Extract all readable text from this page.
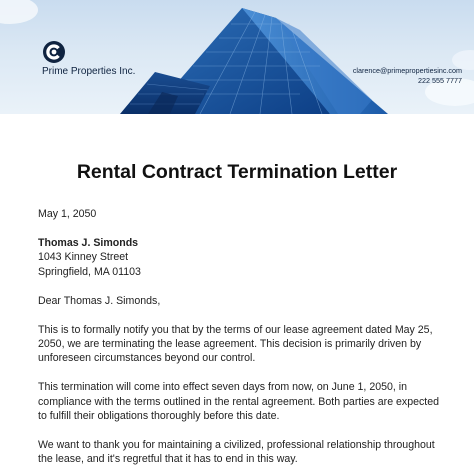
Prime Properties Inc.	clarence@primepropertiesinc.com
222 555 7777
Rental Contract Termination Letter

May 1, 2050

Thomas J. Simonds

1043 Kinney Street

Springfield, MA 01103

Dear Thomas J. Simonds,

This is to formally notify you that by the terms of our lease agreement dated May 25,

2050, we are terminating the lease agreement. This decision is primarily driven by

unforeseen circumstances beyond our control.

This termination will come into effect seven days from now, on June 1, 2050, in

compliance with the terms outlined in the rental agreement. Both parties are expected

to fulfill their obligations thoroughly before this date.

We want to thank you for maintaining a civilized, professional relationship throughout

the lease, and it's regretful that it has to end in this way.
